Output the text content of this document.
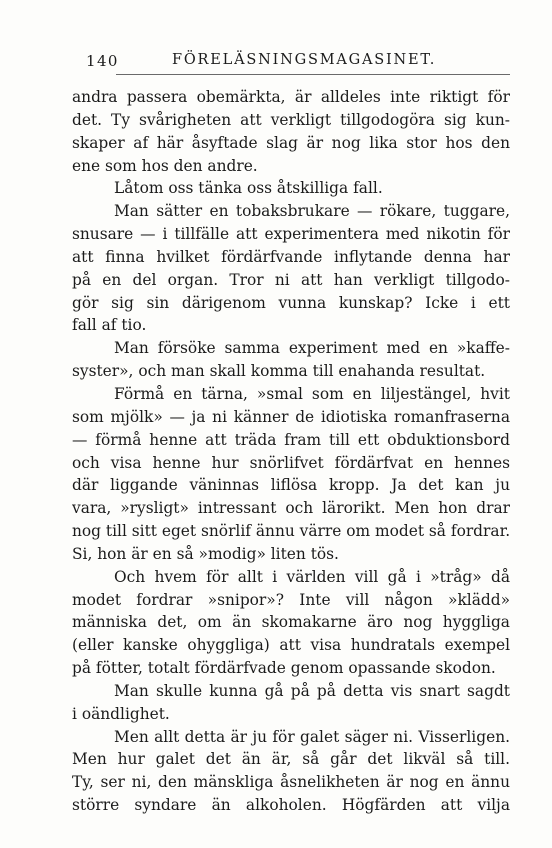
140	FÖRELÄSNINGSMAGASINET.
andra passera obemärkta, är alldeles inte riktigt för
det. Ty svårigheten att verkligt tillgodogöra sig kun-
skaper af här åsyftade slag är nog lika stor hos den
ene som hos den andre.
Låtom oss tänka oss åtskilliga fall.
Man sätter en tobaksbrukare — rökare, tuggare,
snusare — i tillfälle att experimentera med nikotin för
att finna hvilket fördärfvande inflytande denna har
på en del organ. Tror ni att han verkligt tillgodo-
gör sig sin därigenom vunna kunskap? Icke i ett
fall af tio.
Man försöke samma experiment med en »kaffe-
syster», och man skall komma till enahanda resultat.
Förmå en tärna, »smal som en liljestängel, hvit
som mjölk» — ja ni känner de idiotiska romanfraserna
— förmå henne att träda fram till ett obduktionsbord
och visa henne hur snörlifvet fördärfvat en hennes
där liggande väninnas liflösa kropp. Ja det kan ju
vara, »rysligt» intressant och lärorikt. Men hon drar
nog till sitt eget snörlif ännu värre om modet så fordrar.
Si, hon är en så »modig» liten tös.
Och hvem för allt i världen vill gå i »tråg» då
modet fordrar »snipor»? Inte vill någon »klädd»
människa det, om än skomakarne äro nog hyggliga
(eller kanske ohyggliga) att visa hundratals exempel
på fötter, totalt fördärfvade genom opassande skodon.
Man skulle kunna gå på på detta vis snart sagdt
i oändlighet.
Men allt detta är ju för galet säger ni. Visserligen.
Men hur galet det än är, så går det likväl så till.
Ty, ser ni, den mänskliga åsnelikheten är nog en ännu
större syndare än alkoholen. Högfärden att vilja
